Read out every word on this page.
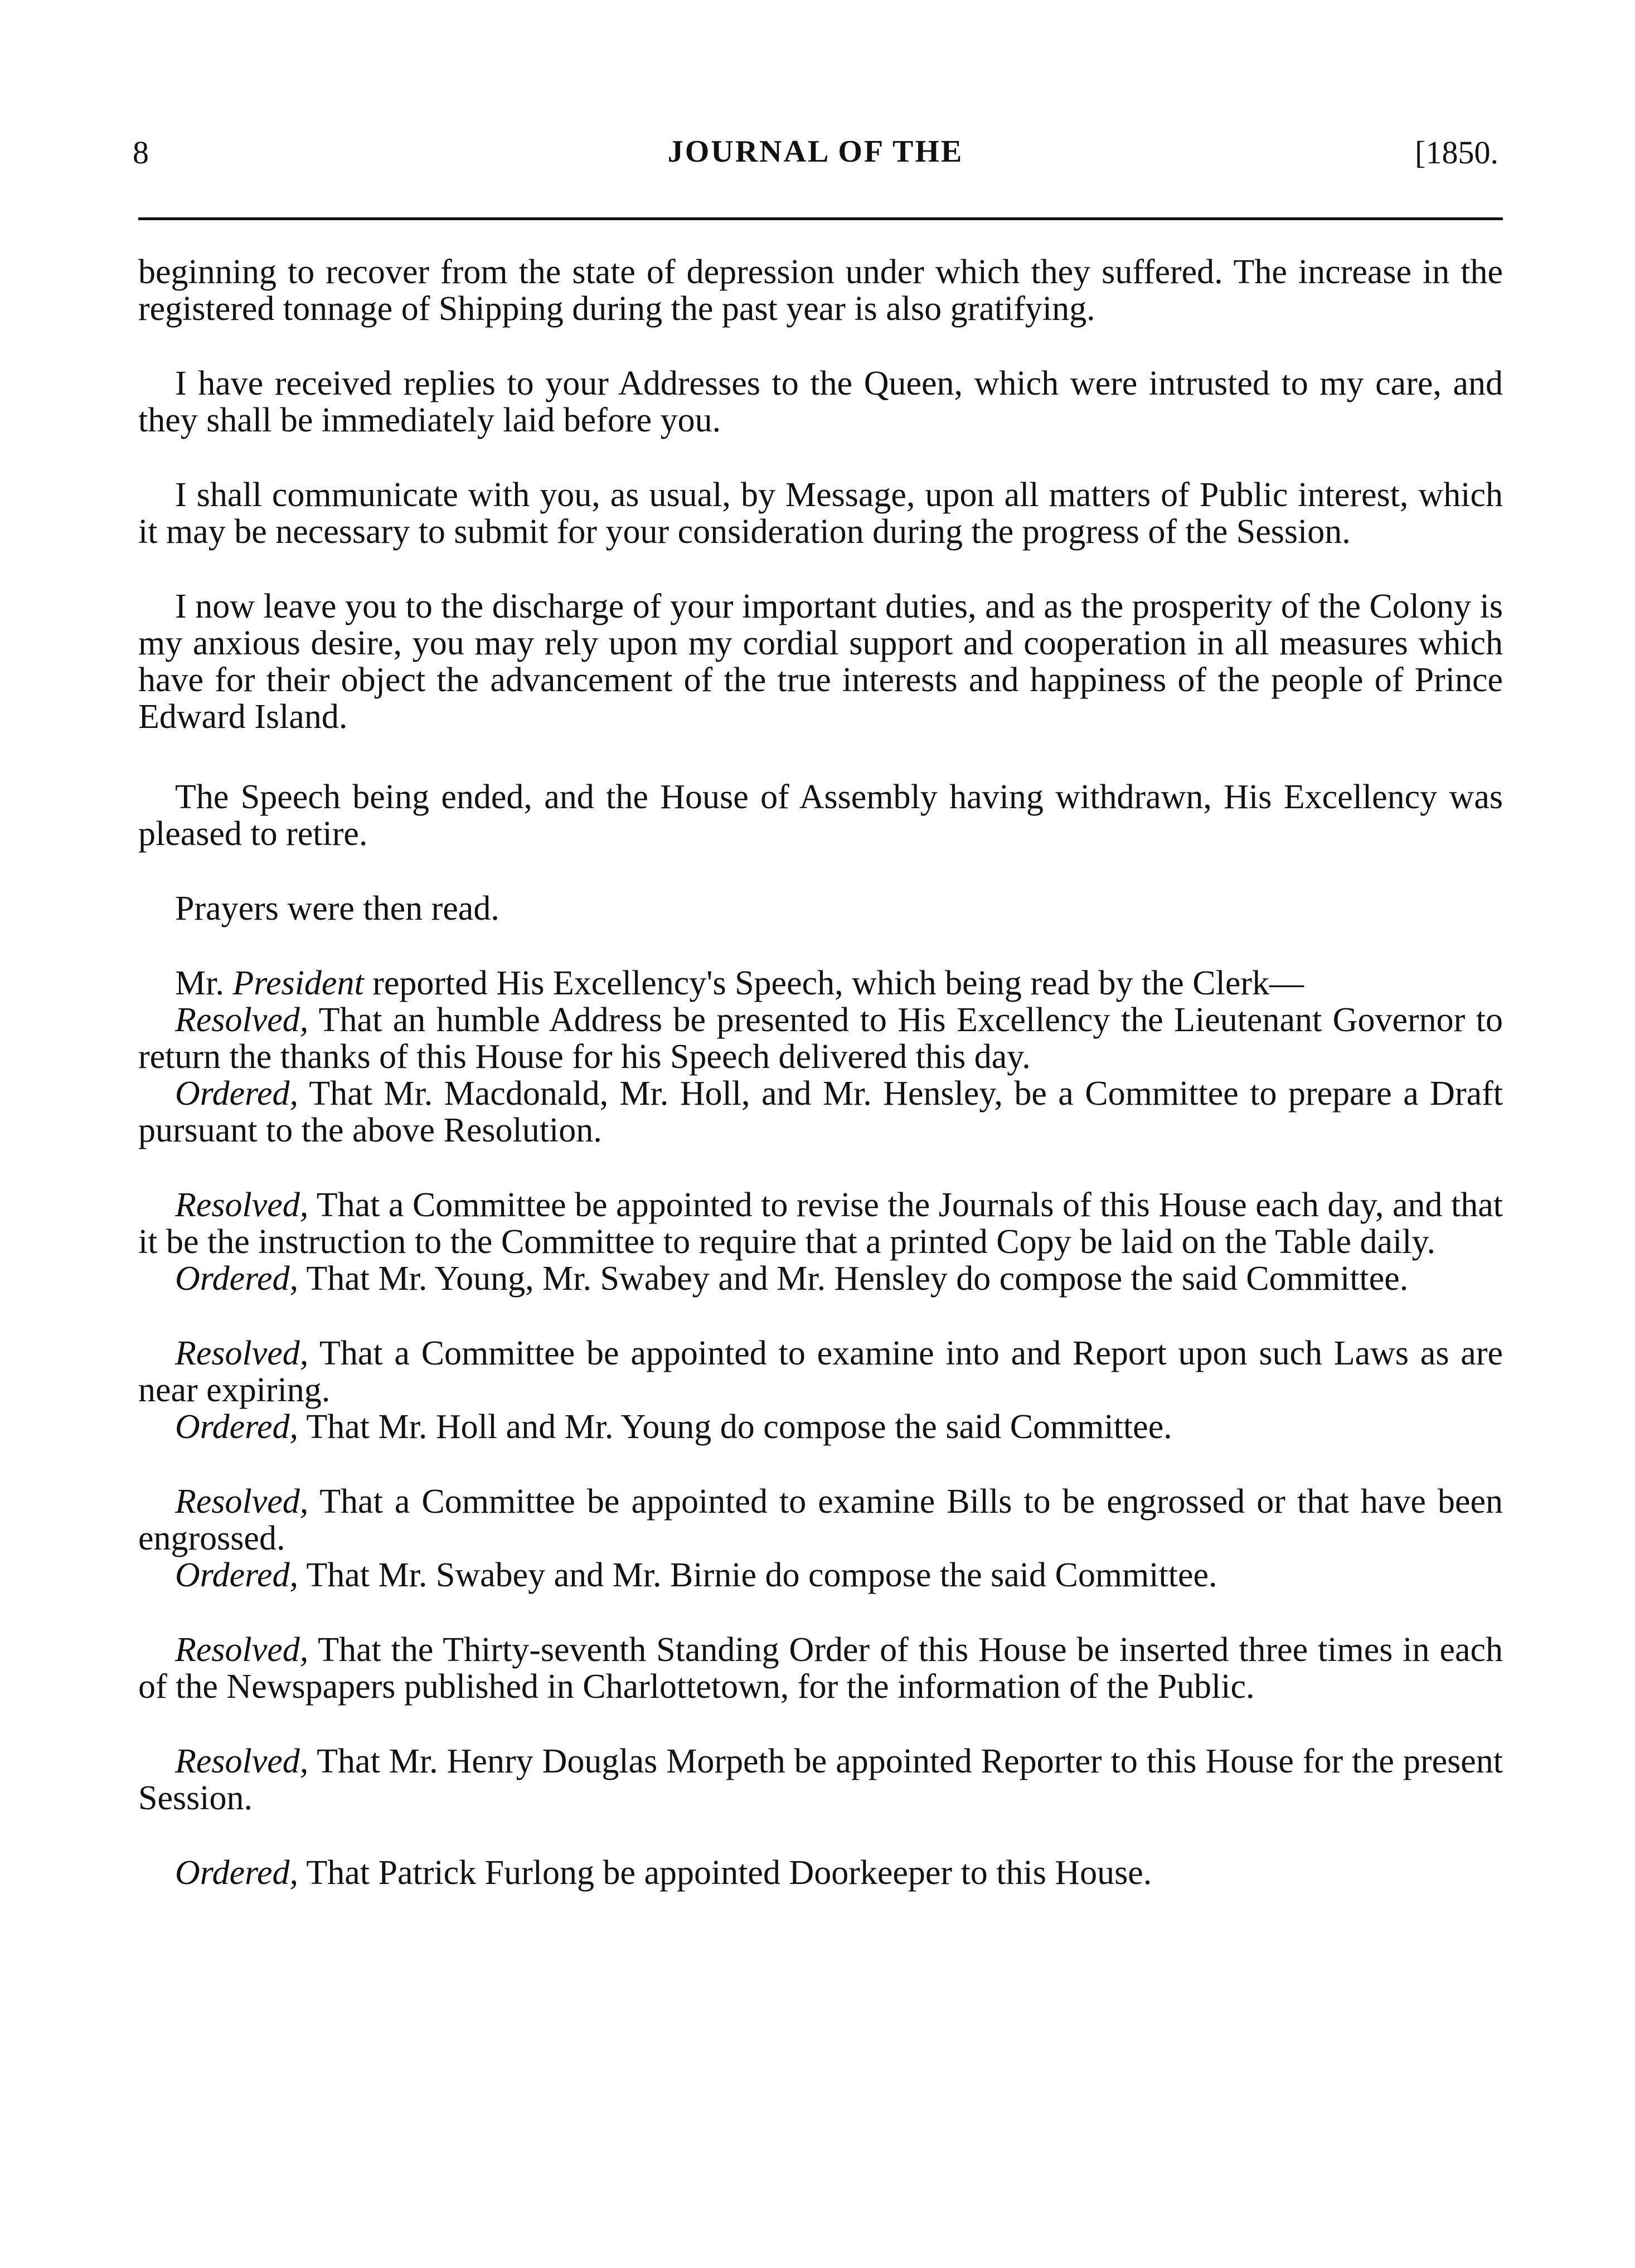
8	JOURNAL OF THE	[1850.

beginning to recover from the state of depression under which they suffered. The increase in the registered tonnage of Shipping during the past year is also gratifying.

I have received replies to your Addresses to the Queen, which were intrusted to my care, and they shall be immediately laid before you.

I shall communicate with you, as usual, by Message, upon all matters of Public interest, which it may be necessary to submit for your consideration during the progress of the Session.

I now leave you to the discharge of your important duties, and as the prosperity of the Colony is my anxious desire, you may rely upon my cordial support and cooperation in all measures which have for their object the advancement of the true interests and happiness of the people of Prince Edward Island.

The Speech being ended, and the House of Assembly having withdrawn, His Excellency was pleased to retire.

Prayers were then read.

Mr. President reported His Excellency's Speech, which being read by the Clerk—

Resolved, That an humble Address be presented to His Excellency the Lieutenant Governor to return the thanks of this House for his Speech delivered this day.

Ordered, That Mr. Macdonald, Mr. Holl, and Mr. Hensley, be a Committee to prepare a Draft pursuant to the above Resolution.

Resolved, That a Committee be appointed to revise the Journals of this House each day, and that it be the instruction to the Committee to require that a printed Copy be laid on the Table daily.

Ordered, That Mr. Young, Mr. Swabey and Mr. Hensley do compose the said Committee.

Resolved, That a Committee be appointed to examine into and Report upon such Laws as are near expiring.

Ordered, That Mr. Holl and Mr. Young do compose the said Committee.

Resolved, That a Committee be appointed to examine Bills to be engrossed or that have been engrossed.

Ordered, That Mr. Swabey and Mr. Birnie do compose the said Committee.

Resolved, That the Thirty-seventh Standing Order of this House be inserted three times in each of the Newspapers published in Charlottetown, for the information of the Public.

Resolved, That Mr. Henry Douglas Morpeth be appointed Reporter to this House for the present Session.

Ordered, That Patrick Furlong be appointed Doorkeeper to this House.
